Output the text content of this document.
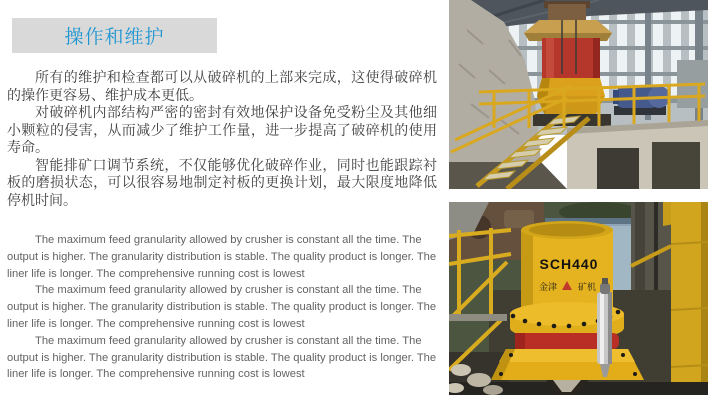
操作和维护

所有的维护和检查都可以从破碎机的上部来完成，这使得破碎机的操作更容易、维护成本更低。

对破碎机内部结构严密的密封有效地保护设备免受粉尘及其他细小颗粒的侵害，从而减少了维护工作量，进一步提高了破碎机的使用寿命。

智能排矿口调节系统，不仅能够优化破碎作业，同时也能跟踪衬板的磨损状态，可以很容易地制定衬板的更换计划，最大限度地降低停机时间。

The maximum feed granularity allowed by crusher is constant all the time. The output is higher. The granularity distribution is stable. The quality product is longer. The liner life is longer. The comprehensive running cost is lowest

The maximum feed granularity allowed by crusher is constant all the time. The output is higher. The granularity distribution is stable. The quality product is longer. The liner life is longer. The comprehensive running cost is lowest

The maximum feed granularity allowed by crusher is constant all the time. The output is higher. The granularity distribution is stable. The quality product is longer. The liner life is longer. The comprehensive running cost is lowest

SCH440
金津 矿机
